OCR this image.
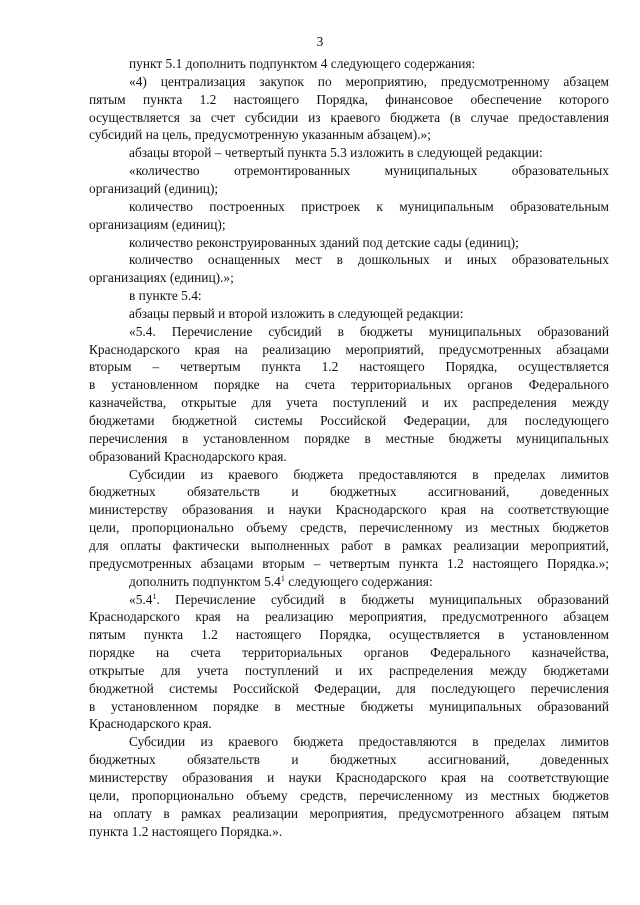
3
пункт 5.1 дополнить подпунктом 4 следующего содержания:
«4) централизация закупок по мероприятию, предусмотренному абзацем
пятым пункта 1.2 настоящего Порядка, финансовое обеспечение которого
осуществляется за счет субсидии из краевого бюджета (в случае предоставления
субсидий на цель, предусмотренную указанным абзацем).»;
абзацы второй – четвертый пункта 5.3 изложить в следующей редакции:
«количество отремонтированных муниципальных образовательных
организаций (единиц);
количество построенных пристроек к муниципальным образовательным
организациям (единиц);
количество реконструированных зданий под детские сады (единиц);
количество оснащенных мест в дошкольных и иных образовательных
организациях (единиц).»;
в пункте 5.4:
абзацы первый и второй изложить в следующей редакции:
«5.4. Перечисление субсидий в бюджеты муниципальных образований
Краснодарского края на реализацию мероприятий, предусмотренных абзацами
вторым – четвертым пункта 1.2 настоящего Порядка, осуществляется
в установленном порядке на счета территориальных органов Федерального
казначейства, открытые для учета поступлений и их распределения между
бюджетами бюджетной системы Российской Федерации, для последующего
перечисления в установленном порядке в местные бюджеты муниципальных
образований Краснодарского края.
Субсидии из краевого бюджета предоставляются в пределах лимитов
бюджетных обязательств и бюджетных ассигнований, доведенных
министерству образования и науки Краснодарского края на соответствующие
цели, пропорционально объему средств, перечисленному из местных бюджетов
для оплаты фактически выполненных работ в рамках реализации мероприятий,
предусмотренных абзацами вторым – четвертым пункта 1.2 настоящего Порядка.»;
дополнить подпунктом $5.4^1$ следующего содержания:
«$5.4^1$. Перечисление субсидий в бюджеты муниципальных образований
Краснодарского края на реализацию мероприятия, предусмотренного абзацем
пятым пункта 1.2 настоящего Порядка, осуществляется в установленном
порядке на счета территориальных органов Федерального казначейства,
открытые для учета поступлений и их распределения между бюджетами
бюджетной системы Российской Федерации, для последующего перечисления
в установленном порядке в местные бюджеты муниципальных образований
Краснодарского края.
Субсидии из краевого бюджета предоставляются в пределах лимитов
бюджетных обязательств и бюджетных ассигнований, доведенных
министерству образования и науки Краснодарского края на соответствующие
цели, пропорционально объему средств, перечисленному из местных бюджетов
на оплату в рамках реализации мероприятия, предусмотренного абзацем пятым
пункта 1.2 настоящего Порядка.».
